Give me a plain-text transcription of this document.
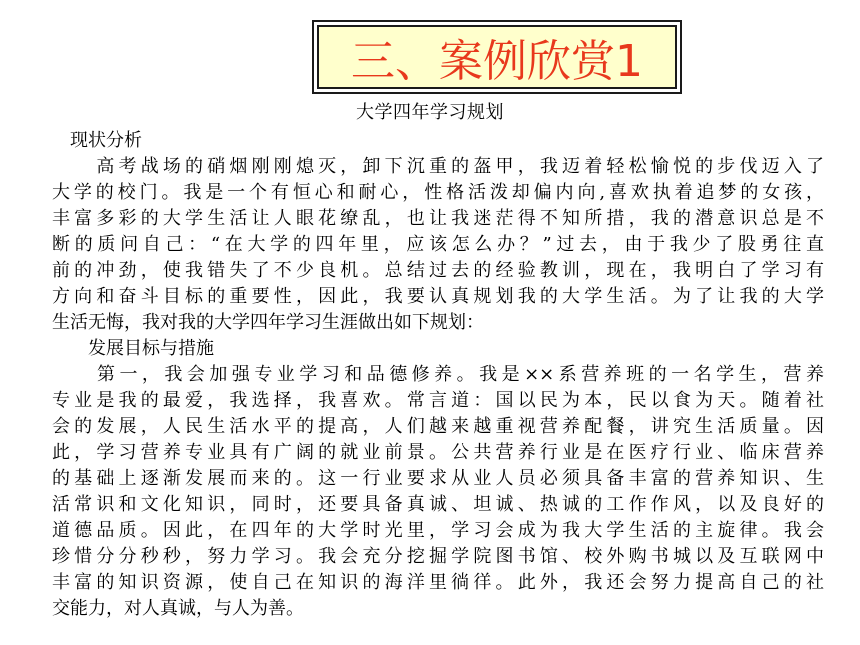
三、案例欣赏1
大学四年学习规划
　现状分析
　　高考战场的硝烟刚刚熄灭，卸下沉重的盔甲，我迈着轻松愉悦的步伐迈入了
大学的校门。我是一个有恒心和耐心，性格活泼却偏内向,喜欢执着追梦的女孩，
丰富多彩的大学生活让人眼花缭乱，也让我迷茫得不知所措，我的潜意识总是不
断的质问自己：“在大学的四年里，应该怎么办？”过去，由于我少了股勇往直
前的冲劲，使我错失了不少良机。总结过去的经验教训，现在，我明白了学习有
方向和奋斗目标的重要性，因此，我要认真规划我的大学生活。为了让我的大学
生活无悔，我对我的大学四年学习生涯做出如下规划：
　　发展目标与措施
　　第一，我会加强专业学习和品德修养。我是××系营养班的一名学生，营养
专业是我的最爱，我选择，我喜欢。常言道：国以民为本，民以食为天。随着社
会的发展，人民生活水平的提高，人们越来越重视营养配餐，讲究生活质量。因
此，学习营养专业具有广阔的就业前景。公共营养行业是在医疗行业、临床营养
的基础上逐渐发展而来的。这一行业要求从业人员必须具备丰富的营养知识、生
活常识和文化知识，同时，还要具备真诚、坦诚、热诚的工作作风，以及良好的
道德品质。因此，在四年的大学时光里，学习会成为我大学生活的主旋律。我会
珍惜分分秒秒，努力学习。我会充分挖掘学院图书馆、校外购书城以及互联网中
丰富的知识资源，使自己在知识的海洋里徜徉。此外，我还会努力提高自己的社
交能力，对人真诚，与人为善。
